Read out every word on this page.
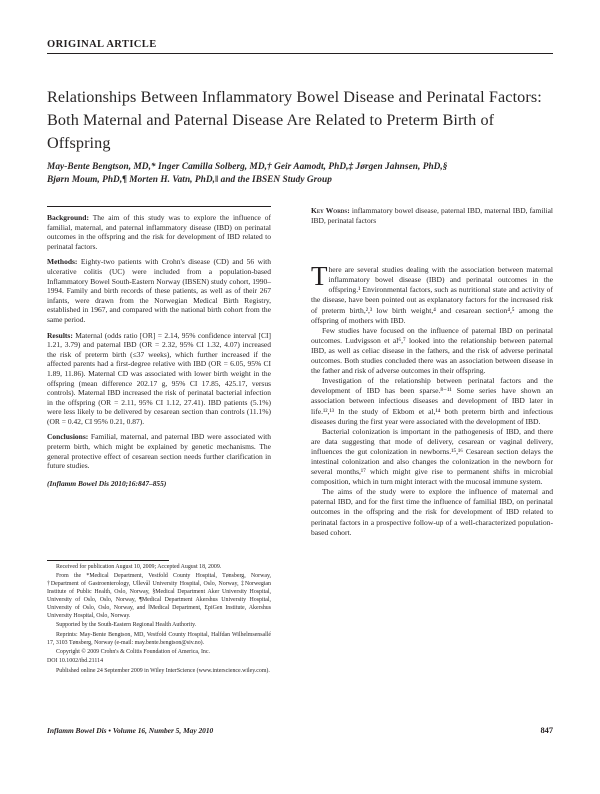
ORIGINAL ARTICLE
Relationships Between Inflammatory Bowel Disease and Perinatal Factors: Both Maternal and Paternal Disease Are Related to Preterm Birth of Offspring
May-Bente Bengtson, MD,* Inger Camilla Solberg, MD,† Geir Aamodt, PhD,‡ Jørgen Jahnsen, PhD,§
Bjørn Moum, PhD,¶ Morten H. Vatn, PhD,‖ and the IBSEN Study Group

Background: The aim of this study was to explore the influence of familial, maternal, and paternal inflammatory disease (IBD) on perinatal outcomes in the offspring and the risk for development of IBD related to perinatal factors.

Methods: Eighty-two patients with Crohn's disease (CD) and 56 with ulcerative colitis (UC) were included from a population-based Inflammatory Bowel South-Eastern Norway (IBSEN) study cohort, 1990–1994. Family and birth records of these patients, as well as of their 267 infants, were drawn from the Norwegian Medical Birth Registry, established in 1967, and compared with the national birth cohort from the same period.

Results: Maternal (odds ratio [OR] = 2.14, 95% confidence interval [CI] 1.21, 3.79) and paternal IBD (OR = 2.32, 95% CI 1.32, 4.07) increased the risk of preterm birth (≤37 weeks), which further increased if the affected parents had a first-degree relative with IBD (OR = 6.05, 95% CI 1.89, 11.86). Maternal CD was associated with lower birth weight in the offspring (mean difference 202.17 g, 95% CI 17.85, 425.17, versus controls). Maternal IBD increased the risk of perinatal bacterial infection in the offspring (OR = 2.11, 95% CI 1.12, 27.41). IBD patients (5.1%) were less likely to be delivered by cesarean section than controls (11.1%) (OR = 0.42, CI 95% 0.21, 0.87).

Conclusions: Familial, maternal, and paternal IBD were associated with preterm birth, which might be explained by genetic mechanisms. The general protective effect of cesarean section needs further clarification in future studies.

(Inflamm Bowel Dis 2010;16:847–855)

Received for publication August 10, 2009; Accepted August 18, 2009.

From the *Medical Department, Vestfold County Hospital, Tønsberg, Norway, †Department of Gastroenterology, Ullevål University Hospital, Oslo, Norway, ‡Norwegian Institute of Public Health, Oslo, Norway, §Medical Department Aker University Hospital, University of Oslo, Oslo, Norway, ¶Medical Department Akershus University Hospital, University of Oslo, Oslo, Norway, and ‖Medical Department, EpiGen Institute, Akershus University Hospital, Oslo, Norway.

Supported by the South-Eastern Regional Health Authority.

Reprints: May-Bente Bengtson, MD, Vestfold County Hospital, Halfdan Wilhelmsensallé 17, 3103 Tønsberg, Norway (e-mail: may.bente.bengtson@siv.no).

Copyright © 2009 Crohn's & Colitis Foundation of America, Inc.

DOI 10.1002/ibd.21114

Published online 24 September 2009 in Wiley InterScience (www.interscience.wiley.com).

Key Words: inflammatory bowel disease, paternal IBD, maternal IBD, familial IBD, perinatal factors

There are several studies dealing with the association between maternal inflammatory bowel disease (IBD) and perinatal outcomes in the offspring.¹ Environmental factors, such as nutritional state and activity of the disease, have been pointed out as explanatory factors for the increased risk of preterm birth,²,³ low birth weight,⁴ and cesarean section⁴,⁵ among the offspring of mothers with IBD.

Few studies have focused on the influence of paternal IBD on perinatal outcomes. Ludvigsson et al⁶,⁷ looked into the relationship between paternal IBD, as well as celiac disease in the fathers, and the risk of adverse perinatal outcomes. Both studies concluded there was an association between disease in the father and risk of adverse outcomes in their offspring.

Investigation of the relationship between perinatal factors and the development of IBD has been sparse.⁸⁻¹¹ Some series have shown an association between infectious diseases and development of IBD later in life.¹²,¹³ In the study of Ekbom et al,¹⁴ both preterm birth and infectious diseases during the first year were associated with the development of IBD.

Bacterial colonization is important in the pathogenesis of IBD, and there are data suggesting that mode of delivery, cesarean or vaginal delivery, influences the gut colonization in newborns.¹⁵,¹⁶ Cesarean section delays the intestinal colonization and also changes the colonization in the newborn for several months,¹⁷ which might give rise to permanent shifts in microbial composition, which in turn might interact with the mucosal immune system.

The aims of the study were to explore the influence of maternal and paternal IBD, and for the first time the influence of familial IBD, on perinatal outcomes in the offspring and the risk for development of IBD related to perinatal factors in a prospective follow-up of a well-characterized population-based cohort.

Inflamm Bowel Dis • Volume 16, Number 5, May 2010	847
